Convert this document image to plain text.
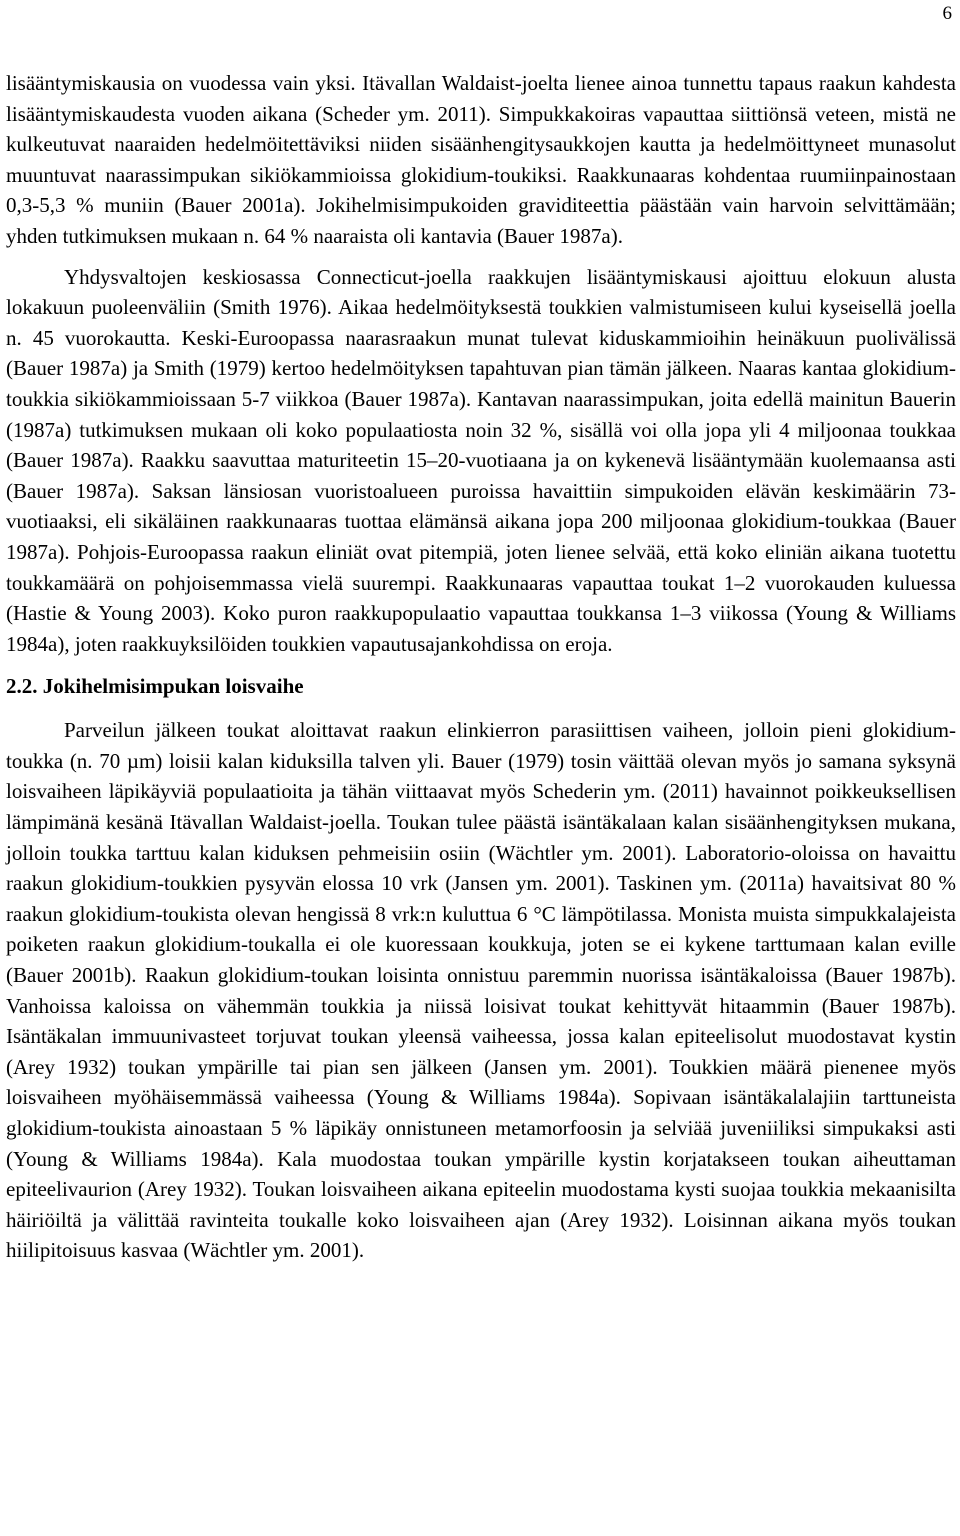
6

lisääntymiskausia on vuodessa vain yksi. Itävallan Waldaist-joelta lienee ainoa tunnettu tapaus raakun kahdesta lisääntymiskaudesta vuoden aikana (Scheder ym. 2011). Simpukkakoiras vapauttaa siittiönsä veteen, mistä ne kulkeutuvat naaraiden hedelmöitettäviksi niiden sisäänhengitysaukkojen kautta ja hedelmöittyneet munasolut muuntuvat naarassimpukan sikiökammioissa glokidium-toukiksi. Raakkunaaras kohdentaa ruumiinpainostaan 0,3-5,3 % muniin (Bauer 2001a). Jokihelmisimpukoiden graviditeettia päästään vain harvoin selvittämään; yhden tutkimuksen mukaan n. 64 % naaraista oli kantavia (Bauer 1987a).

Yhdysvaltojen keskiosassa Connecticut-joella raakkujen lisääntymiskausi ajoittuu elokuun alusta lokakuun puoleenväliin (Smith 1976). Aikaa hedelmöityksestä toukkien valmistumiseen kului kyseisellä joella n. 45 vuorokautta. Keski-Euroopassa naarasraakun munat tulevat kiduskammioihin heinäkuun puolivälissä (Bauer 1987a) ja Smith (1979) kertoo hedelmöityksen tapahtuvan pian tämän jälkeen. Naaras kantaa glokidium-toukkia sikiökammioissaan 5-7 viikkoa (Bauer 1987a). Kantavan naarassimpukan, joita edellä mainitun Bauerin (1987a) tutkimuksen mukaan oli koko populaatiosta noin 32 %, sisällä voi olla jopa yli 4 miljoonaa toukkaa (Bauer 1987a). Raakku saavuttaa maturiteetin 15–20-vuotiaana ja on kykenevä lisääntymään kuolemaansa asti (Bauer 1987a). Saksan länsiosan vuoristoalueen puroissa havaittiin simpukoiden elävän keskimäärin 73-vuotiaaksi, eli sikäläinen raakkunaaras tuottaa elämänsä aikana jopa 200 miljoonaa glokidium-toukkaa (Bauer 1987a). Pohjois-Euroopassa raakun eliniät ovat pitempiä, joten lienee selvää, että koko eliniän aikana tuotettu toukkamäärä on pohjoisemmassa vielä suurempi. Raakkunaaras vapauttaa toukat 1–2 vuorokauden kuluessa (Hastie & Young 2003). Koko puron raakkupopulaatio vapauttaa toukkansa 1–3 viikossa (Young & Williams 1984a), joten raakkuyksilöiden toukkien vapautusajankohdissa on eroja.

2.2. Jokihelmisimpukan loisvaihe

Parveilun jälkeen toukat aloittavat raakun elinkierron parasiittisen vaiheen, jolloin pieni glokidium-toukka (n. 70 µm) loisii kalan kiduksilla talven yli. Bauer (1979) tosin väittää olevan myös jo samana syksynä loisvaiheen läpikäyviä populaatioita ja tähän viittaavat myös Schederin ym. (2011) havainnot poikkeuksellisen lämpimänä kesänä Itävallan Waldaist-joella. Toukan tulee päästä isäntäkalaan kalan sisäänhengityksen mukana, jolloin toukka tarttuu kalan kiduksen pehmeisiin osiin (Wächtler ym. 2001). Laboratorio-oloissa on havaittu raakun glokidium-toukkien pysyvän elossa 10 vrk (Jansen ym. 2001). Taskinen ym. (2011a) havaitsivat 80 % raakun glokidium-toukista olevan hengissä 8 vrk:n kuluttua 6 °C lämpötilassa. Monista muista simpukkalajeista poiketen raakun glokidium-toukalla ei ole kuoressaan koukkuja, joten se ei kykene tarttumaan kalan eville (Bauer 2001b). Raakun glokidium-toukan loisinta onnistuu paremmin nuorissa isäntäkaloissa (Bauer 1987b). Vanhoissa kaloissa on vähemmän toukkia ja niissä loisivat toukat kehittyvät hitaammin (Bauer 1987b). Isäntäkalan immuunivasteet torjuvat toukan yleensä vaiheessa, jossa kalan epiteelisolut muodostavat kystin (Arey 1932) toukan ympärille tai pian sen jälkeen (Jansen ym. 2001). Toukkien määrä pienenee myös loisvaiheen myöhäisemmässä vaiheessa (Young & Williams 1984a). Sopivaan isäntäkalalajiin tarttuneista glokidium-toukista ainoastaan 5 % läpikäy onnistuneen metamorfoosin ja selviää juveniiliksi simpukaksi asti (Young & Williams 1984a). Kala muodostaa toukan ympärille kystin korjatakseen toukan aiheuttaman epiteelivaurion (Arey 1932). Toukan loisvaiheen aikana epiteelin muodostama kysti suojaa toukkia mekaanisilta häiriöiltä ja välittää ravinteita toukalle koko loisvaiheen ajan (Arey 1932). Loisinnan aikana myös toukan hiilipitoisuus kasvaa (Wächtler ym. 2001).
